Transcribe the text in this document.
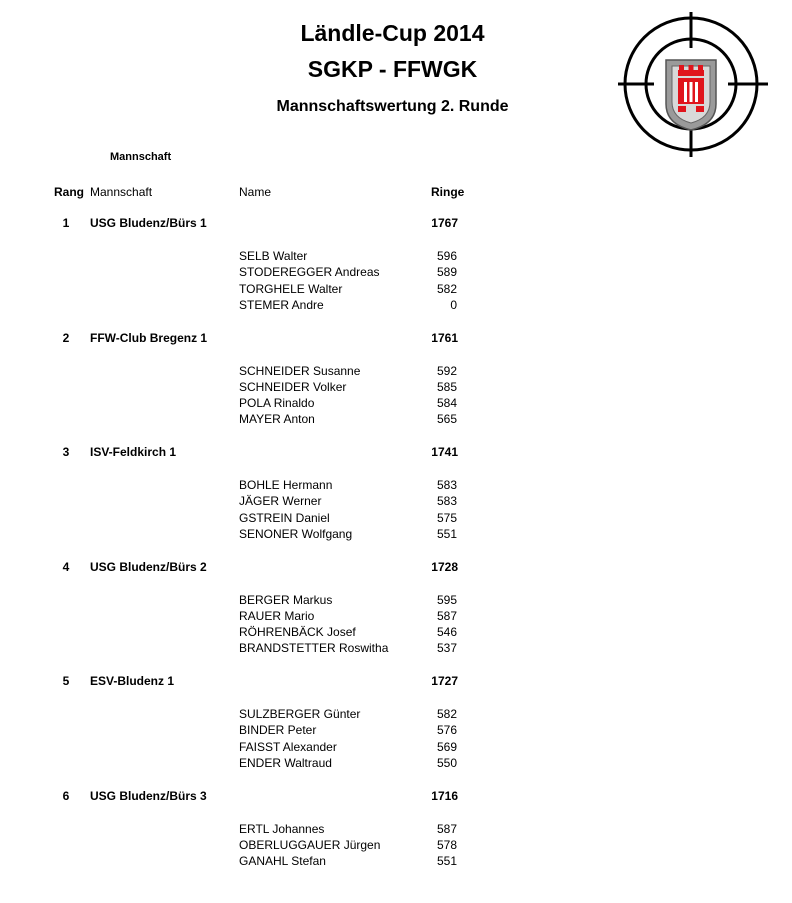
Ländle-Cup 2014
SGKP - FFWGK
Mannschaftswertung 2. Runde
Mannschaft
Rang Mannschaft	Name	Ringe
1	USG Bludenz/Bürs 1	1767
SELB Walter	596
STODEREGGER Andreas	589
TORGHELE Walter	582
STEMER Andre	0
2	FFW-Club Bregenz 1	1761
SCHNEIDER Susanne	592
SCHNEIDER Volker	585
POLA Rinaldo	584
MAYER Anton	565
3	ISV-Feldkirch 1	1741
BOHLE Hermann	583
JÄGER Werner	583
GSTREIN Daniel	575
SENONER Wolfgang	551
4	USG Bludenz/Bürs 2	1728
BERGER Markus	595
RAUER Mario	587
RÖHRENBÄCK Josef	546
BRANDSTETTER Roswitha	537
5	ESV-Bludenz 1	1727
SULZBERGER Günter	582
BINDER Peter	576
FAISST Alexander	569
ENDER Waltraud	550
6	USG Bludenz/Bürs 3	1716
ERTL Johannes	587
OBERLUGGAUER Jürgen	578
GANAHL Stefan	551
